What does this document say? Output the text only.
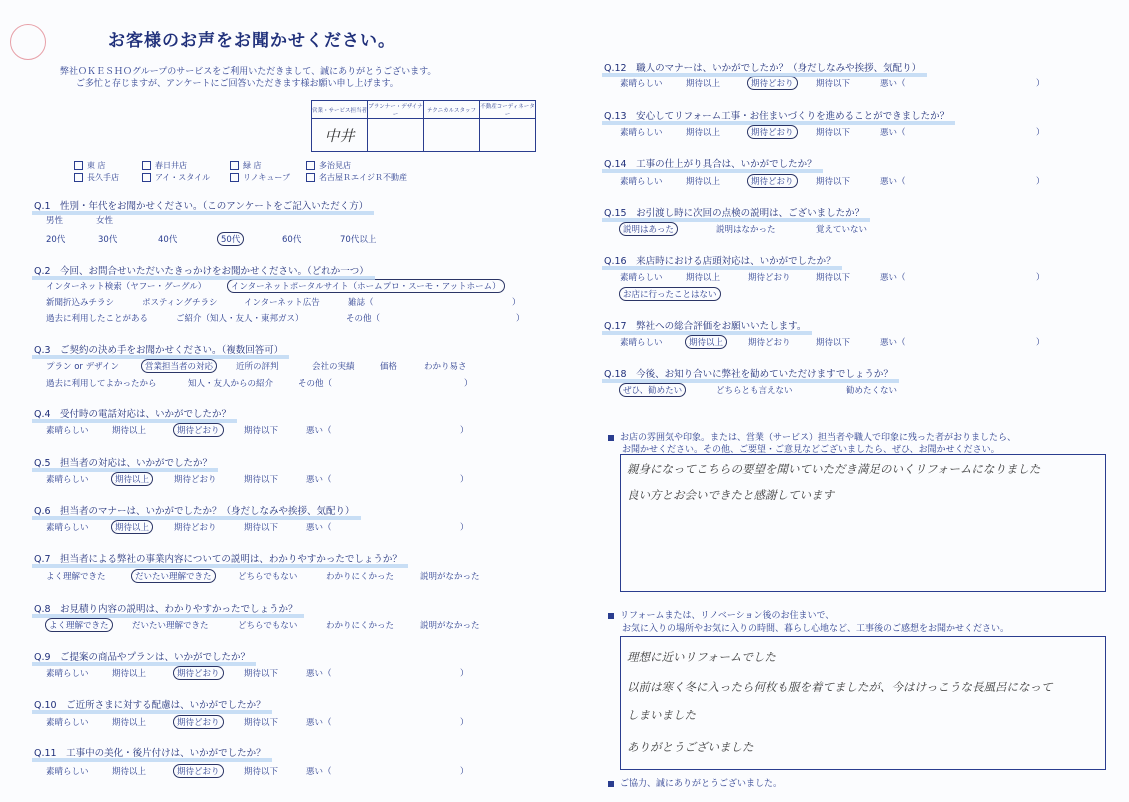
お客様のお声をお聞かせください。
弊社ＯＫＥＳＨＯグループのサービスをご利用いただきまして、誠にありがとうございます。
ご多忙と存じますが、アンケートにご回答いただきます様お願い申し上げます。
営業・サービス担当者	プランナー・デザイナー	テクニカルスタッフ	不動産コーディネーター
中井			
東 店	春日井店	緑 店	多治見店
長久手店	アイ・スタイル	リノキューブ	名古屋ＲエイジＲ不動産
Q.1　性別・年代をお聞かせください。（このアンケートをご記入いただく方）
男性	女性
20代	30代	40代	50代	60代	70代以上
Q.2　今回、お問合せいただいたきっかけをお聞かせください。（どれか一つ）
インターネット検索（ヤフー・グーグル）	インターネットポータルサイト（ホームプロ・スーモ・アットホーム）
新聞折込みチラシ	ポスティングチラシ	インターネット広告	雑誌（	）
過去に利用したことがある	ご紹介（知人・友人・東邦ガス）	その他（	）
Q.3　ご契約の決め手をお聞かせください。（複数回答可）
プラン or デザイン	営業担当者の対応	近所の評判	会社の実績	価格	わかり易さ
過去に利用してよかったから	知人・友人からの紹介	その他（	）
Q.4　受付時の電話対応は、いかがでしたか？
素晴らしい	期待以上	期待どおり	期待以下	悪い（	）
Q.5　担当者の対応は、いかがでしたか？
素晴らしい	期待以上	期待どおり	期待以下	悪い（	）
Q.6　担当者のマナーは、いかがでしたか？（身だしなみや挨拶、気配り）
素晴らしい	期待以上	期待どおり	期待以下	悪い（	）
Q.7　担当者による弊社の事業内容についての説明は、わかりやすかったでしょうか？
よく理解できた	だいたい理解できた	どちらでもない	わかりにくかった	説明がなかった
Q.8　お見積り内容の説明は、わかりやすかったでしょうか？
よく理解できた	だいたい理解できた	どちらでもない	わかりにくかった	説明がなかった
Q.9　ご提案の商品やプランは、いかがでしたか？
素晴らしい	期待以上	期待どおり	期待以下	悪い（	）
Q.10　ご近所さまに対する配慮は、いかがでしたか？
素晴らしい	期待以上	期待どおり	期待以下	悪い（	）
Q.11　工事中の美化・後片付けは、いかがでしたか？
素晴らしい	期待以上	期待どおり	期待以下	悪い（	）
Q.12　職人のマナーは、いかがでしたか？（身だしなみや挨拶、気配り）
素晴らしい	期待以上	期待どおり	期待以下	悪い（	）
Q.13　安心してリフォーム工事・お住まいづくりを進めることができましたか？
素晴らしい	期待以上	期待どおり	期待以下	悪い（	）
Q.14　工事の仕上がり具合は、いかがでしたか？
素晴らしい	期待以上	期待どおり	期待以下	悪い（	）
Q.15　お引渡し時に次回の点検の説明は、ございましたか？
説明はあった	説明はなかった	覚えていない
Q.16　来店時における店頭対応は、いかがでしたか？
素晴らしい	期待以上	期待どおり	期待以下	悪い（	）
お店に行ったことはない
Q.17　弊社への総合評価をお願いいたします。
素晴らしい	期待以上	期待どおり	期待以下	悪い（	）
Q.18　今後、お知り合いに弊社を勧めていただけますでしょうか？
ぜひ、勧めたい	どちらとも言えない	勧めたくない
お店の雰囲気や印象。または、営業（サービス）担当者や職人で印象に残った者がおりましたら、
お聞かせください。その他、ご要望・ご意見などございましたら、ぜひ、お聞かせください。
親身になってこちらの要望を聞いていただき満足のいくリフォームになりました
良い方とお会いできたと感謝しています
リフォームまたは、リノベーション後のお住まいで、
お気に入りの場所やお気に入りの時間、暮らし心地など、工事後のご感想をお聞かせください。
理想に近いリフォームでした
以前は寒く冬に入ったら何枚も服を着てましたが、今はけっこうな長風呂になって
しまいました
ありがとうございました
ご協力、誠にありがとうございました。
